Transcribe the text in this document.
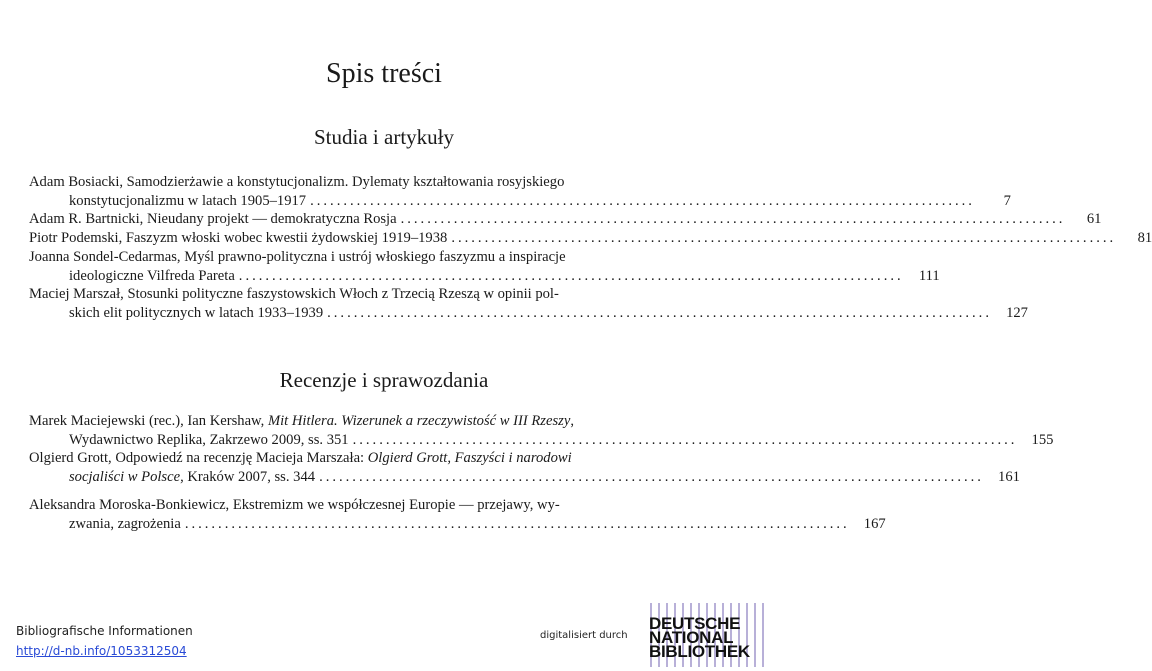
Spis treści
Studia i artykuły
Adam Bosiacki, Samodzierżawie a konstytucjonalizm. Dylematy kształtowania rosyjskiego
konstytucjonalizmu w latach 1905–1917 ....................................................................................................	7
Adam R. Bartnicki, Nieudany projekt — demokratyczna Rosja ....................................................................................................	61
Piotr Podemski, Faszyzm włoski wobec kwestii żydowskiej 1919–1938 ....................................................................................................	81
Joanna Sondel-Cedarmas, Myśl prawno-polityczna i ustrój włoskiego faszyzmu a inspiracje
ideologiczne Vilfreda Pareta ....................................................................................................	111
Maciej Marszał, Stosunki polityczne faszystowskich Włoch z Trzecią Rzeszą w opinii pol-
skich elit politycznych w latach 1933–1939 .................................................................................................... 127
Recenzje i sprawozdania
Marek Maciejewski (rec.), Ian Kershaw, Mit Hitlera. Wizerunek a rzeczywistość w III Rzeszy,
Wydawnictwo Replika, Zakrzewo 2009, ss. 351 .................................................................................................... 155
Olgierd Grott, Odpowiedź na recenzję Macieja Marszała: Olgierd Grott, Faszyści i narodowi
socjaliści w Polsce, Kraków 2007, ss. 344 .................................................................................................... 161
Aleksandra Moroska-Bonkiewicz, Ekstremizm we współczesnej Europie — przejawy, wy-
zwania, zagrożenia .................................................................................................... 167
Bibliografische Informationen
http://d-nb.info/1053312504
digitalisiert durch
DEUTSCHE
NATIONAL
BIBLIOTHEK
